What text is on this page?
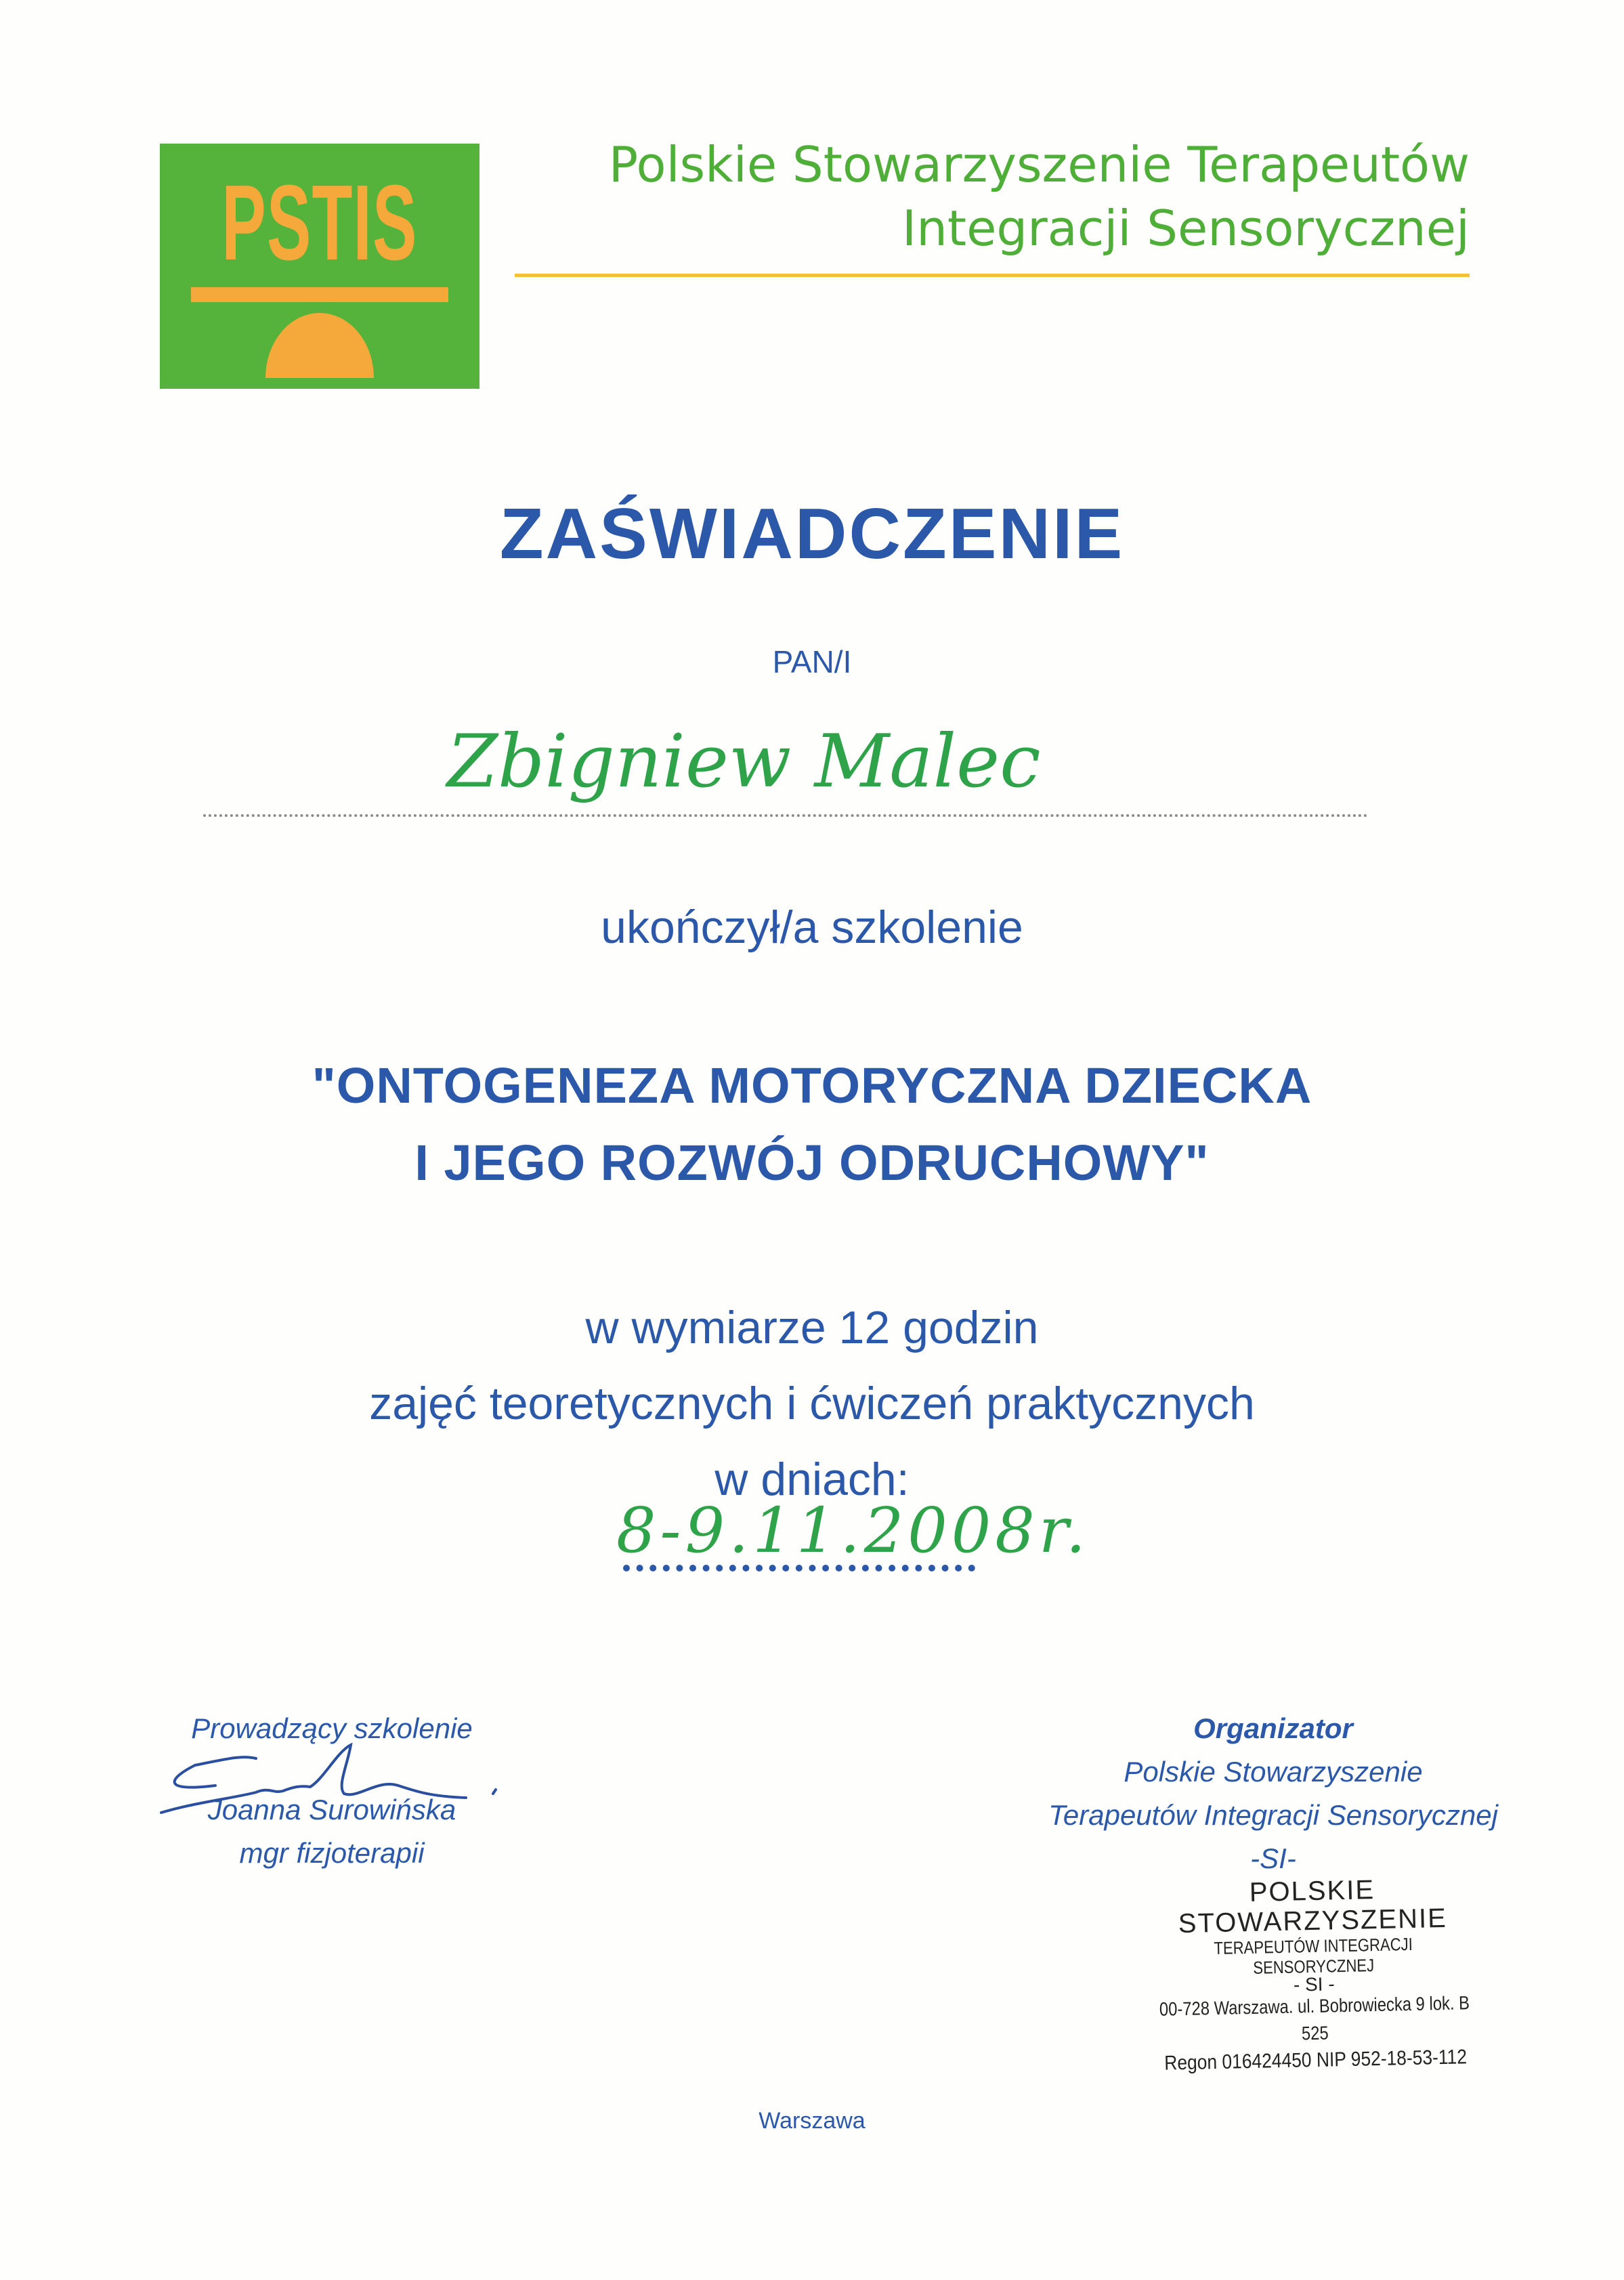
PSTIS	Polskie Stowarzyszenie Terapeutów
Integracji Sensorycznej
ZAŚWIADCZENIE
PAN/I
Zbigniew Malec
ukończył/a szkolenie
"ONTOGENEZA MOTORYCZNA DZIECKA
I JEGO ROZWÓJ ODRUCHOWY"
w wymiarze 12 godzin
zajęć teoretycznych i ćwiczeń praktycznych
w dniach:
8-9.11.2008r.
Prowadzący szkolenie
Joanna Surowińska
mgr fizjoterapii
Organizator
Polskie Stowarzyszenie
Terapeutów Integracji Sensorycznej
-SI-
POLSKIE STOWARZYSZENIE
TERAPEUTÓW INTEGRACJI SENSORYCZNEJ
- SI -
00-728 Warszawa. ul. Bobrowiecka 9 lok. B 525
Regon 016424450 NIP 952-18-53-112
Warszawa
